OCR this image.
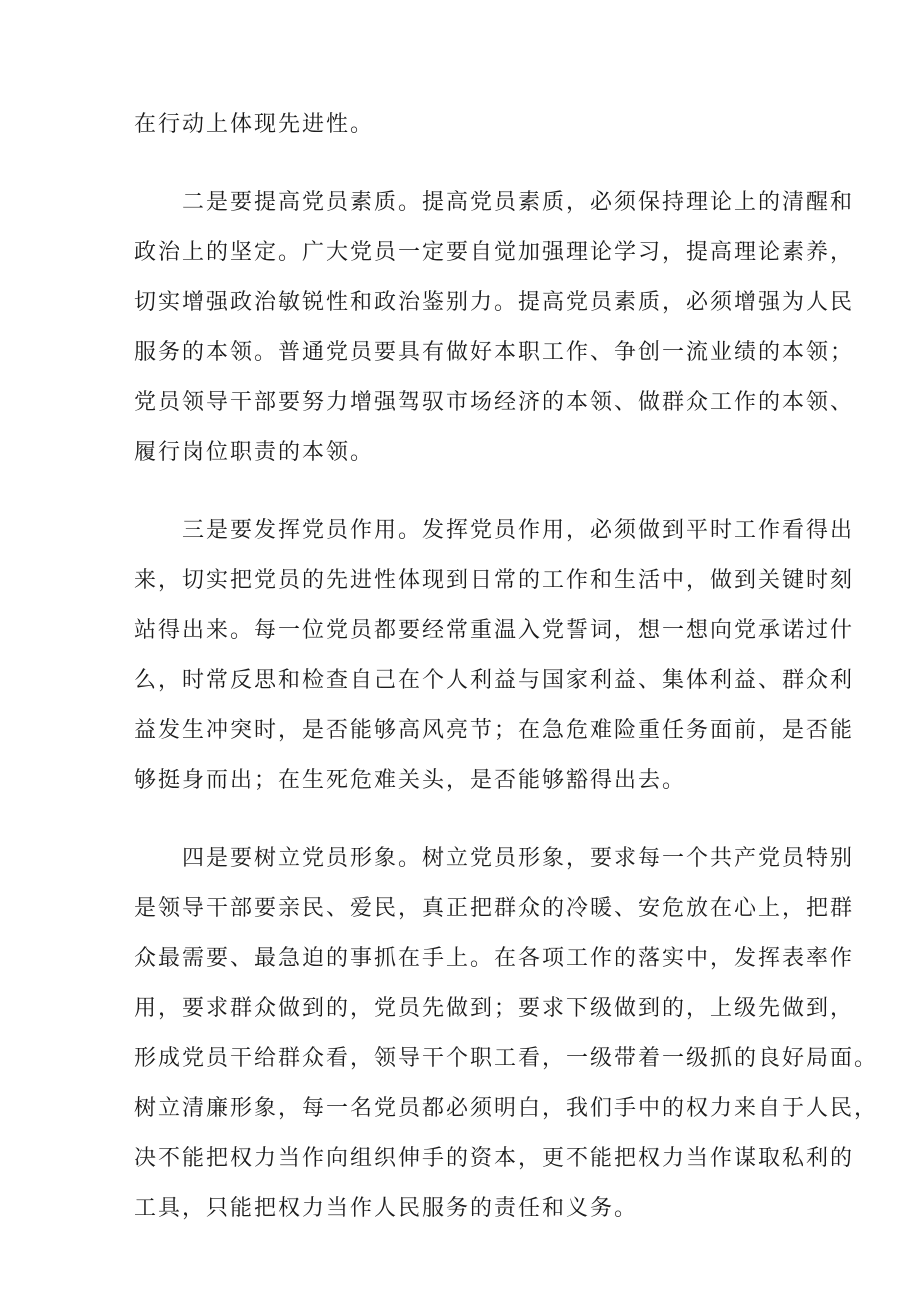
在行动上体现先进性。
　　二是要提高党员素质。提高党员素质，必须保持理论上的清醒和
政治上的坚定。广大党员一定要自觉加强理论学习，提高理论素养，
切实增强政治敏锐性和政治鉴别力。提高党员素质，必须增强为人民
服务的本领。普通党员要具有做好本职工作、争创一流业绩的本领；
党员领导干部要努力增强驾驭市场经济的本领、做群众工作的本领、
履行岗位职责的本领。
　　三是要发挥党员作用。发挥党员作用，必须做到平时工作看得出
来，切实把党员的先进性体现到日常的工作和生活中，做到关键时刻
站得出来。每一位党员都要经常重温入党誓词，想一想向党承诺过什
么，时常反思和检查自己在个人利益与国家利益、集体利益、群众利
益发生冲突时，是否能够高风亮节；在急危难险重任务面前，是否能
够挺身而出；在生死危难关头，是否能够豁得出去。
　　四是要树立党员形象。树立党员形象，要求每一个共产党员特别
是领导干部要亲民、爱民，真正把群众的冷暖、安危放在心上，把群
众最需要、最急迫的事抓在手上。在各项工作的落实中，发挥表率作
用，要求群众做到的，党员先做到；要求下级做到的，上级先做到，
形成党员干给群众看，领导干个职工看，一级带着一级抓的良好局面。
树立清廉形象，每一名党员都必须明白，我们手中的权力来自于人民，
决不能把权力当作向组织伸手的资本，更不能把权力当作谋取私利的
工具，只能把权力当作人民服务的责任和义务。
